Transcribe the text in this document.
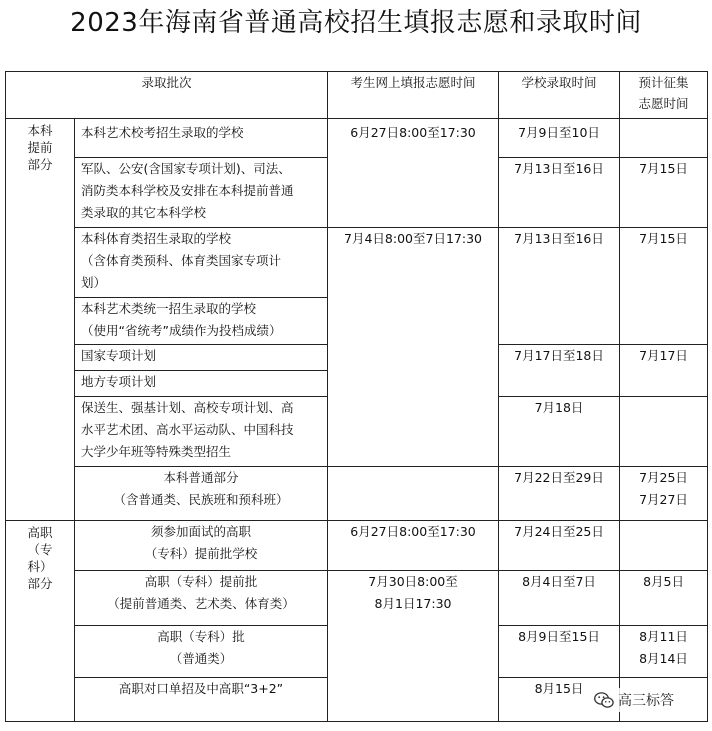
2023年海南省普通高校招生填报志愿和录取时间
录取批次		考生网上填报志愿时间	学校录取时间	预计征集
志愿时间

本科
提前
部分	本科艺术校考招生录取的学校	6月27日8:00至17:30	7月9日至10日	

	军队、公安(含国家专项计划)、司法、
消防类本科学校及安排在本科提前普通
类录取的其它本科学校		7月13日至16日	7月15日

	本科体育类招生录取的学校
（含体育类预科、体育类国家专项计
划）	7月4日8:00至7日17:30	7月13日至16日	7月15日

	本科艺术类统一招生录取的学校
（使用“省统考”成绩作为投档成绩）			

	国家专项计划		7月17日至18日	7月17日
	地方专项计划			

	保送生、强基计划、高校专项计划、高
水平艺术团、高水平运动队、中国科技
大学少年班等特殊类型招生		7月18日	

	本科普通部分
（含普通类、民族班和预科班）		7月22日至29日	7月25日
7月27日

高职
（专
科）
部分	须参加面试的高职
（专科）提前批学校	6月27日8:00至17:30	7月24日至25日	

	高职（专科）提前批
（提前普通类、艺术类、体育类）	7月30日8:00至
8月1日17:30	8月4日至7日	8月5日

	高职（专科）批
（普通类）		8月9日至15日	8月11日
8月14日

	高职对口单招及中高职“3+2”		8月15日	
高三标答
